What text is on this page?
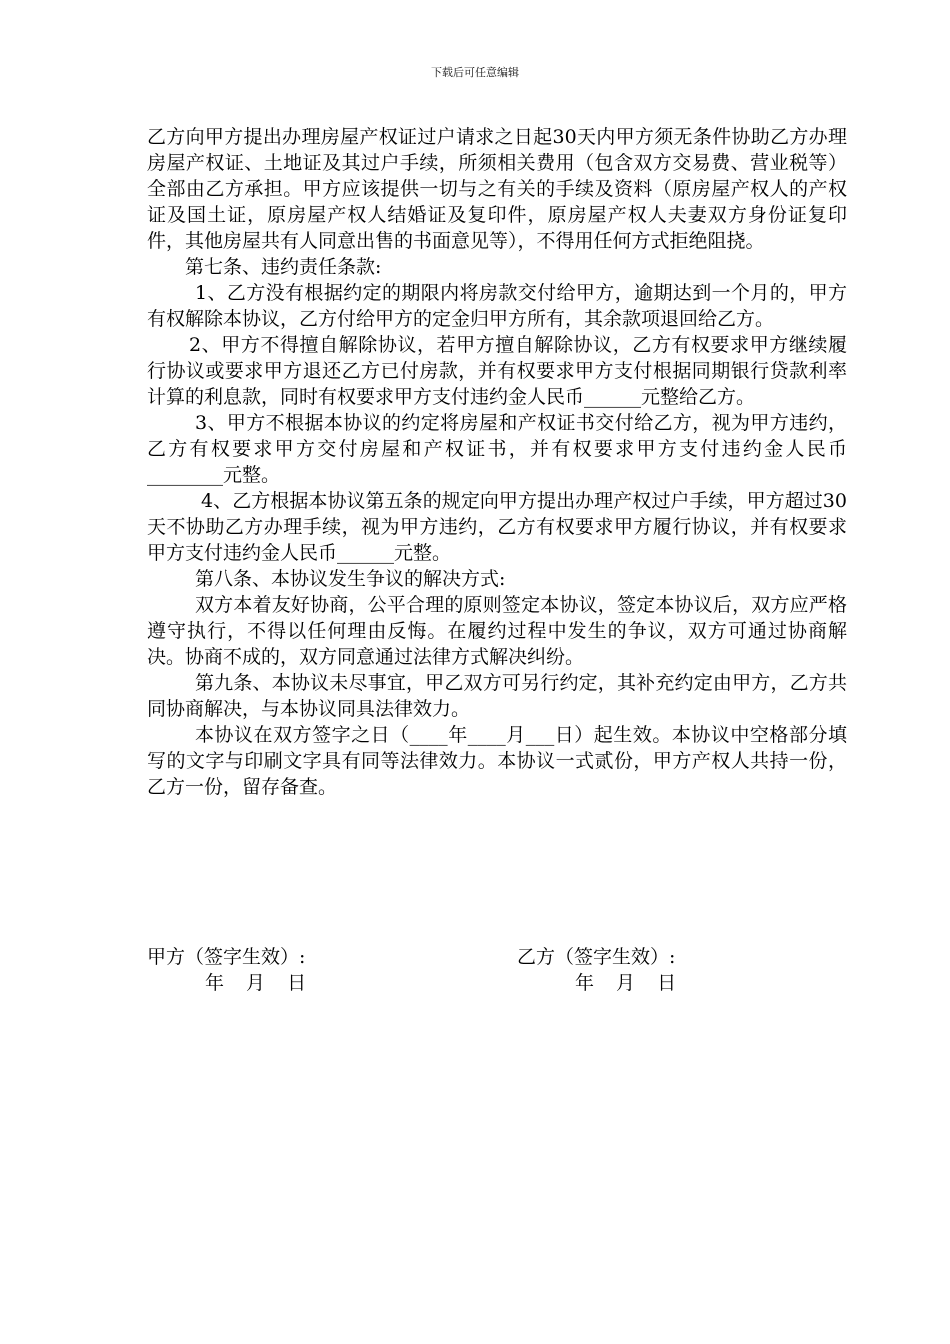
下载后可任意编辑

乙方向甲方提出办理房屋产权证过户请求之日起30天内甲方须无条件协助乙方办理房屋产权证、土地证及其过户手续，所须相关费用（包含双方交易费、营业税等）全部由乙方承担。甲方应该提供一切与之有关的手续及资料（原房屋产权人的产权证及国土证，原房屋产权人结婚证及复印件，原房屋产权人夫妻双方身份证复印件，其他房屋共有人同意出售的书面意见等），不得用任何方式拒绝阻挠。

第七条、违约责任条款:

1、乙方没有根据约定的期限内将房款交付给甲方，逾期达到一个月的，甲方有权解除本协议，乙方付给甲方的定金归甲方所有，其余款项退回给乙方。

2、甲方不得擅自解除协议，若甲方擅自解除协议，乙方有权要求甲方继续履行协议或要求甲方退还乙方已付房款，并有权要求甲方支付根据同期银行贷款利率计算的利息款，同时有权要求甲方支付违约金人民币______元整给乙方。

3、甲方不根据本协议的约定将房屋和产权证书交付给乙方，视为甲方违约，乙方有权要求甲方交付房屋和产权证书，并有权要求甲方支付违约金人民币________元整。

4、乙方根据本协议第五条的规定向甲方提出办理产权过户手续，甲方超过30天不协助乙方办理手续，视为甲方违约，乙方有权要求甲方履行协议，并有权要求甲方支付违约金人民币______元整。

第八条、本协议发生争议的解决方式:

双方本着友好协商，公平合理的原则签定本协议，签定本协议后，双方应严格遵守执行，不得以任何理由反悔。在履约过程中发生的争议，双方可通过协商解决。协商不成的，双方同意通过法律方式解决纠纷。

第九条、本协议未尽事宜，甲乙双方可另行约定，其补充约定由甲方，乙方共同协商解决，与本协议同具法律效力。

本协议在双方签字之日（____年____月___日）起生效。本协议中空格部分填写的文字与印刷文字具有同等法律效力。本协议一式贰份，甲方产权人共持一份，乙方一份，留存备查。

甲方（签字生效）:
年 月 日
乙方（签字生效）:
年 月 日
